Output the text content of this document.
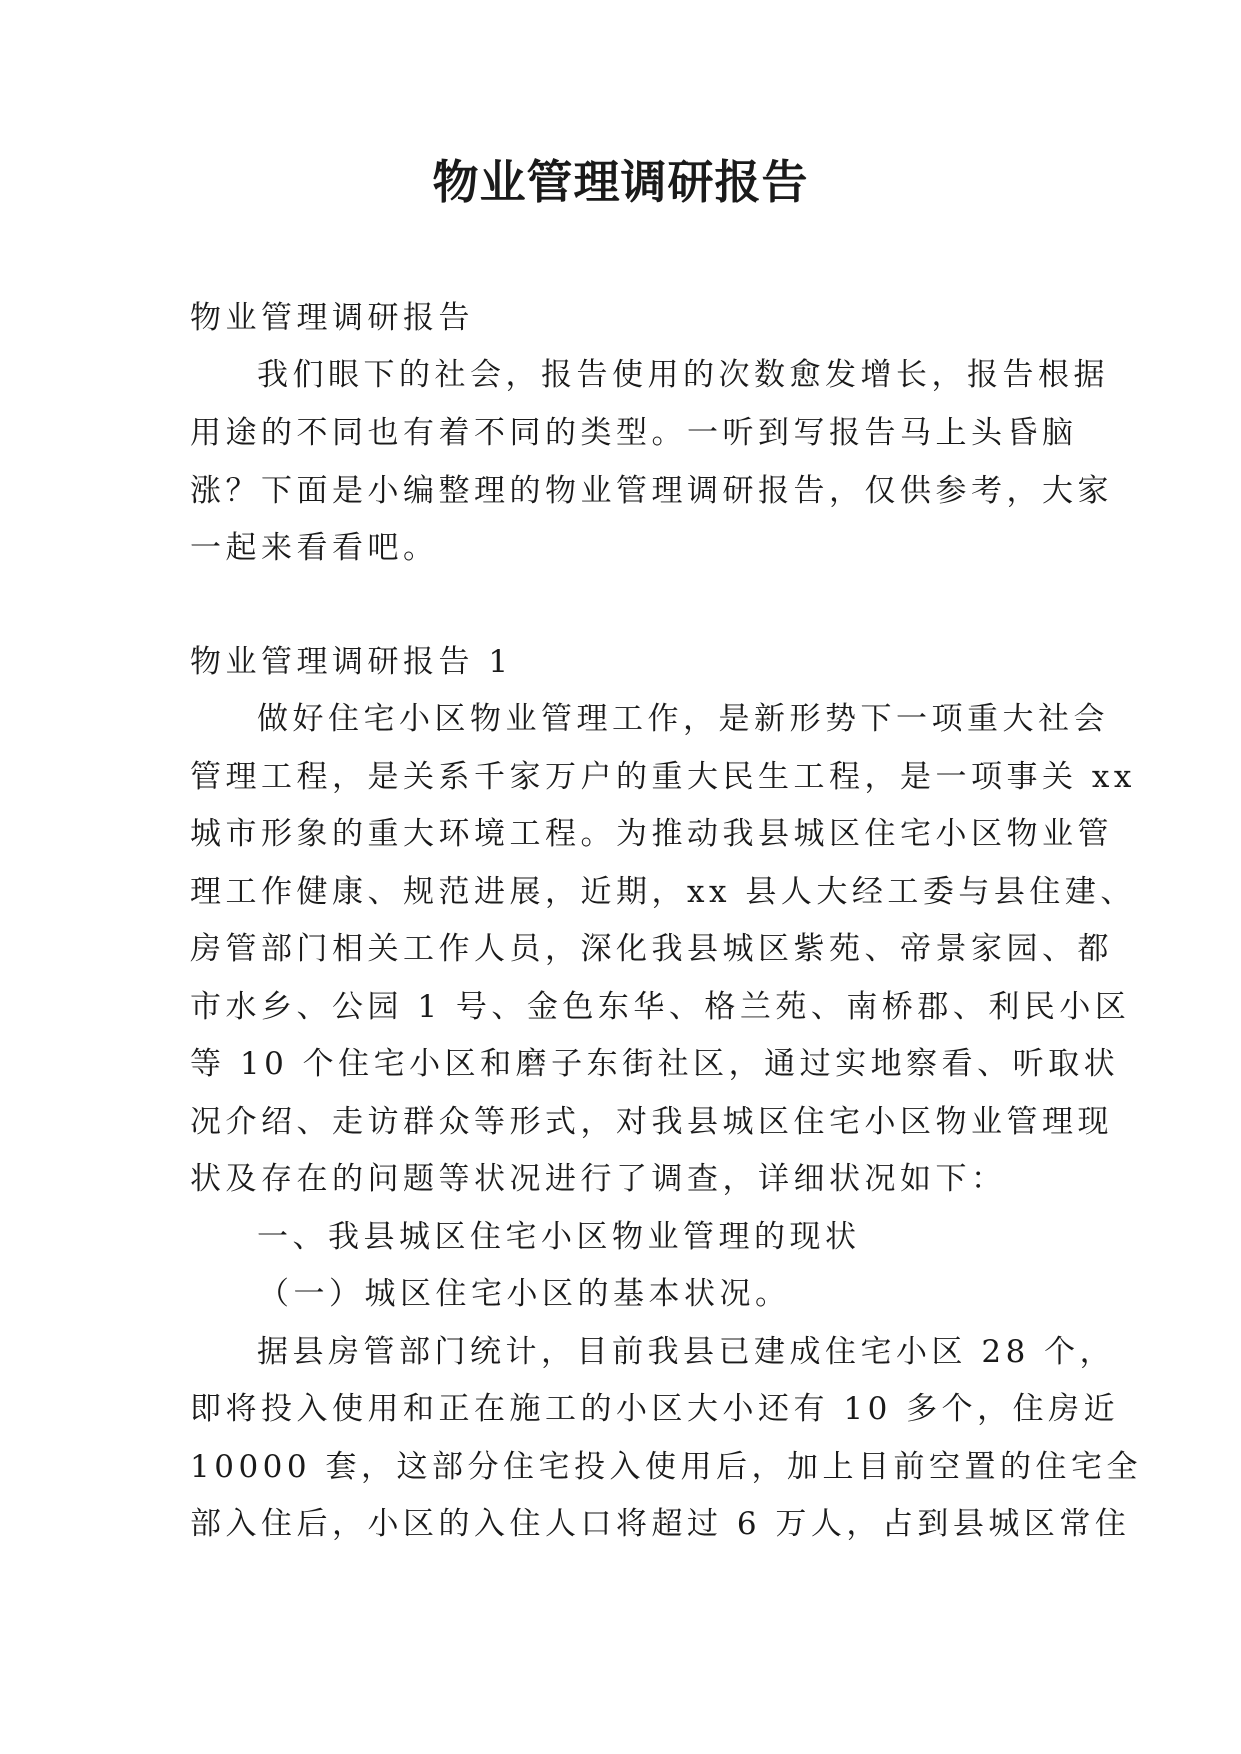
物业管理调研报告

物业管理调研报告

我们眼下的社会，报告使用的次数愈发增长，报告根据

用途的不同也有着不同的类型。一听到写报告马上头昏脑

涨？下面是小编整理的物业管理调研报告，仅供参考，大家

一起来看看吧。

物业管理调研报告 1

做好住宅小区物业管理工作，是新形势下一项重大社会

管理工程，是关系千家万户的重大民生工程，是一项事关 xx

城市形象的重大环境工程。为推动我县城区住宅小区物业管

理工作健康、规范进展，近期，xx 县人大经工委与县住建、

房管部门相关工作人员，深化我县城区紫苑、帝景家园、都

市水乡、公园 1 号、金色东华、格兰苑、南桥郡、利民小区

等 10 个住宅小区和磨子东街社区，通过实地察看、听取状

况介绍、走访群众等形式，对我县城区住宅小区物业管理现

状及存在的问题等状况进行了调查，详细状况如下：

一、我县城区住宅小区物业管理的现状

（一）城区住宅小区的基本状况。

据县房管部门统计，目前我县已建成住宅小区 28 个，

即将投入使用和正在施工的小区大小还有 10 多个，住房近

10000 套，这部分住宅投入使用后，加上目前空置的住宅全

部入住后，小区的入住人口将超过 6 万人，占到县城区常住
